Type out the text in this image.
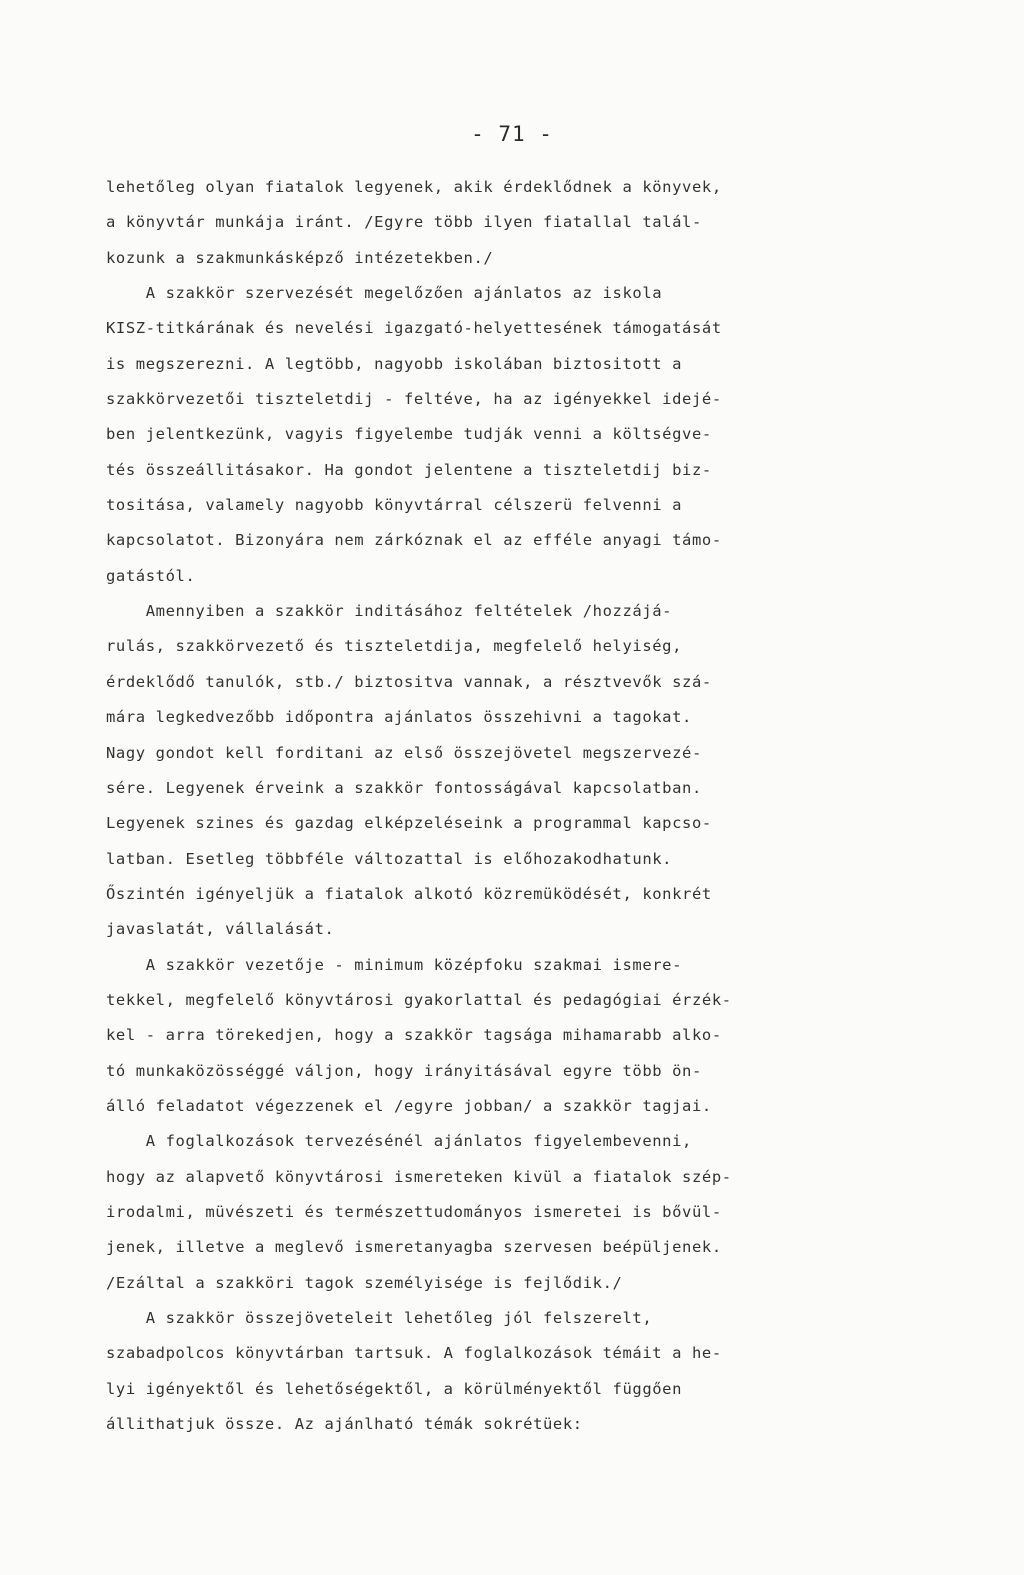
- 71 -
lehetőleg olyan fiatalok legyenek, akik érdeklődnek a könyvek,
a könyvtár munkája iránt. /Egyre több ilyen fiatallal talál-
kozunk a szakmunkásképző intézetekben./
A szakkör szervezését megelőzően ajánlatos az iskola
KISZ-titkárának és nevelési igazgató-helyettesének támogatását
is megszerezni. A legtöbb, nagyobb iskolában biztositott a
szakkörvezetői tiszteletdij - feltéve, ha az igényekkel idejé-
ben jelentkezünk, vagyis figyelembe tudják venni a költségve-
tés összeállitásakor. Ha gondot jelentene a tiszteletdij biz-
tositása, valamely nagyobb könyvtárral célszerü felvenni a
kapcsolatot. Bizonyára nem zárkóznak el az efféle anyagi támo-
gatástól.
Amennyiben a szakkör inditásához feltételek /hozzájá-
rulás, szakkörvezető és tiszteletdija, megfelelő helyiség,
érdeklődő tanulók, stb./ biztositva vannak, a résztvevők szá-
mára legkedvezőbb időpontra ajánlatos összehivni a tagokat.
Nagy gondot kell forditani az első összejövetel megszervezé-
sére. Legyenek érveink a szakkör fontosságával kapcsolatban.
Legyenek szines és gazdag elképzeléseink a programmal kapcso-
latban. Esetleg többféle változattal is előhozakodhatunk.
Őszintén igényeljük a fiatalok alkotó közremüködését, konkrét
javaslatát, vállalását.
A szakkör vezetője - minimum középfoku szakmai ismere-
tekkel, megfelelő könyvtárosi gyakorlattal és pedagógiai érzék-
kel - arra törekedjen, hogy a szakkör tagsága mihamarabb alko-
tó munkaközösséggé váljon, hogy irányitásával egyre több ön-
álló feladatot végezzenek el /egyre jobban/ a szakkör tagjai.
A foglalkozások tervezésénél ajánlatos figyelembevenni,
hogy az alapvető könyvtárosi ismereteken kivül a fiatalok szép-
irodalmi, müvészeti és természettudományos ismeretei is bővül-
jenek, illetve a meglevő ismeretanyagba szervesen beépüljenek.
/Ezáltal a szakköri tagok személyisége is fejlődik./
A szakkör összejöveteleit lehetőleg jól felszerelt,
szabadpolcos könyvtárban tartsuk. A foglalkozások témáit a he-
lyi igényektől és lehetőségektől, a körülményektől függően
állithatjuk össze. Az ajánlható témák sokrétüek:
